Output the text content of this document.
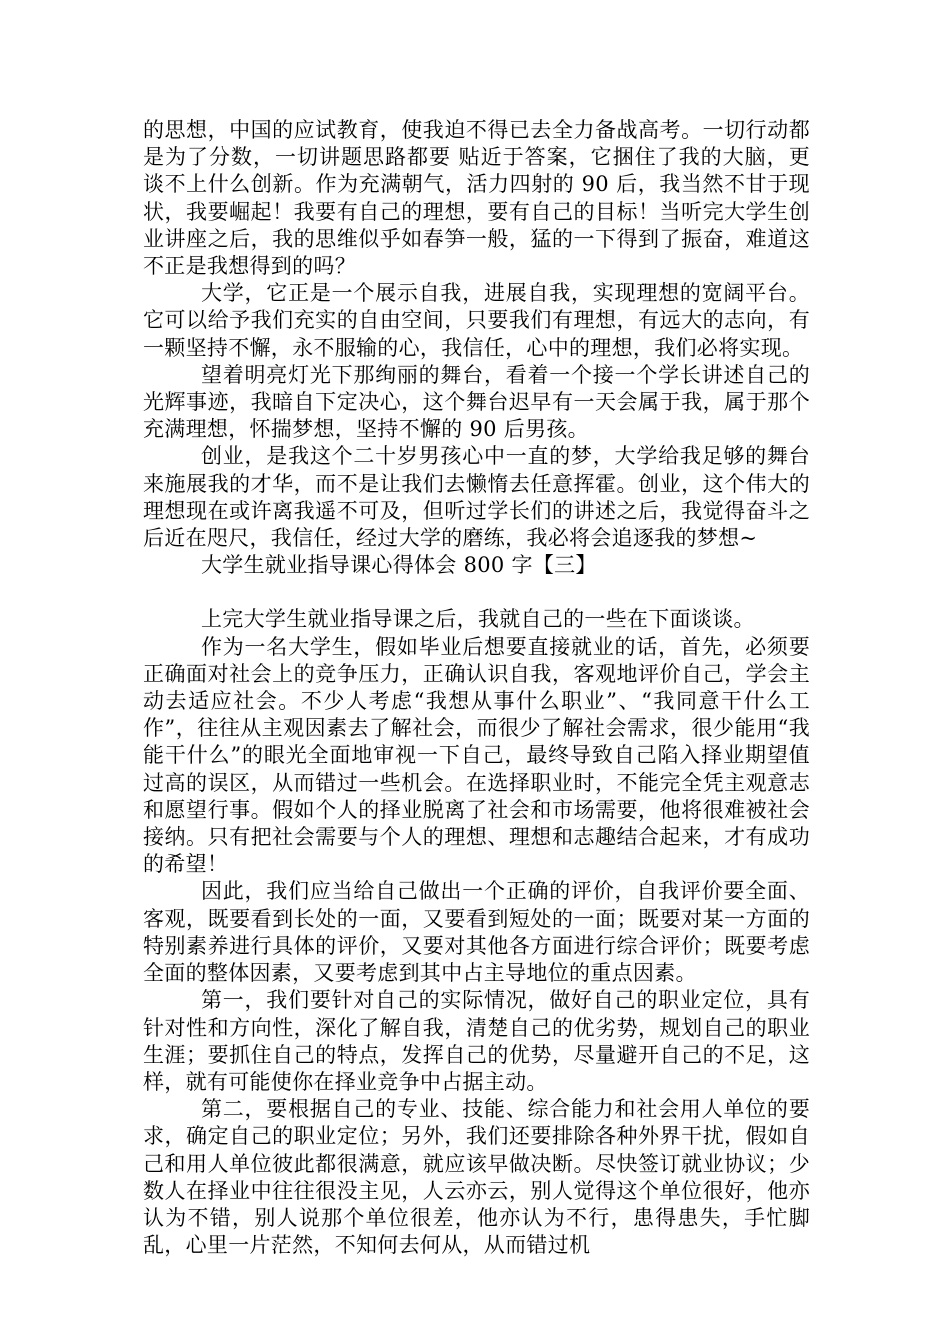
的思想，中国的应试教育，使我迫不得已去全力备战高考。一切行动都是为了分数，一切讲题思路都要 贴近于答案，它捆住了我的大脑，更谈不上什么创新。作为充满朝气，活力四射的 90 后，我当然不甘于现状，我要崛起！我要有自己的理想，要有自己的目标！当听完大学生创业讲座之后，我的思维似乎如春笋一般，猛的一下得到了振奋，难道这不正是我想得到的吗？

大学，它正是一个展示自我，进展自我，实现理想的宽阔平台。它可以给予我们充实的自由空间，只要我们有理想，有远大的志向，有一颗坚持不懈，永不服输的心，我信任，心中的理想，我们必将实现。

望着明亮灯光下那绚丽的舞台，看着一个接一个学长讲述自己的光辉事迹，我暗自下定决心，这个舞台迟早有一天会属于我，属于那个充满理想，怀揣梦想，坚持不懈的 90 后男孩。

创业，是我这个二十岁男孩心中一直的梦，大学给我足够的舞台来施展我的才华，而不是让我们去懒惰去任意挥霍。创业，这个伟大的理想现在或许离我遥不可及，但听过学长们的讲述之后，我觉得奋斗之后近在咫尺，我信任，经过大学的磨练，我必将会追逐我的梦想~

大学生就业指导课心得体会 800 字【三】

上完大学生就业指导课之后，我就自己的一些在下面谈谈。

作为一名大学生，假如毕业后想要直接就业的话，首先，必须要正确面对社会上的竞争压力，正确认识自我，客观地评价自己，学会主动去适应社会。不少人考虑“我想从事什么职业”、“我同意干什么工作”，往往从主观因素去了解社会，而很少了解社会需求，很少能用“我能干什么”的眼光全面地审视一下自己，最终导致自己陷入择业期望值过高的误区，从而错过一些机会。在选择职业时，不能完全凭主观意志和愿望行事。假如个人的择业脱离了社会和市场需要，他将很难被社会接纳。只有把社会需要与个人的理想、理想和志趣结合起来，才有成功的希望！

因此，我们应当给自己做出一个正确的评价，自我评价要全面、客观，既要看到长处的一面，又要看到短处的一面；既要对某一方面的特别素养进行具体的评价，又要对其他各方面进行综合评价；既要考虑全面的整体因素，又要考虑到其中占主导地位的重点因素。

第一，我们要针对自己的实际情况，做好自己的职业定位，具有针对性和方向性，深化了解自我，清楚自己的优劣势，规划自己的职业生涯；要抓住自己的特点，发挥自己的优势，尽量避开自己的不足，这样，就有可能使你在择业竞争中占据主动。

第二，要根据自己的专业、技能、综合能力和社会用人单位的要求，确定自己的职业定位；另外，我们还要排除各种外界干扰，假如自己和用人单位彼此都很满意，就应该早做决断。尽快签订就业协议；少数人在择业中往往很没主见，人云亦云，别人觉得这个单位很好，他亦认为不错，别人说那个单位很差，他亦认为不行，患得患失，手忙脚乱，心里一片茫然，不知何去何从，从而错过机
